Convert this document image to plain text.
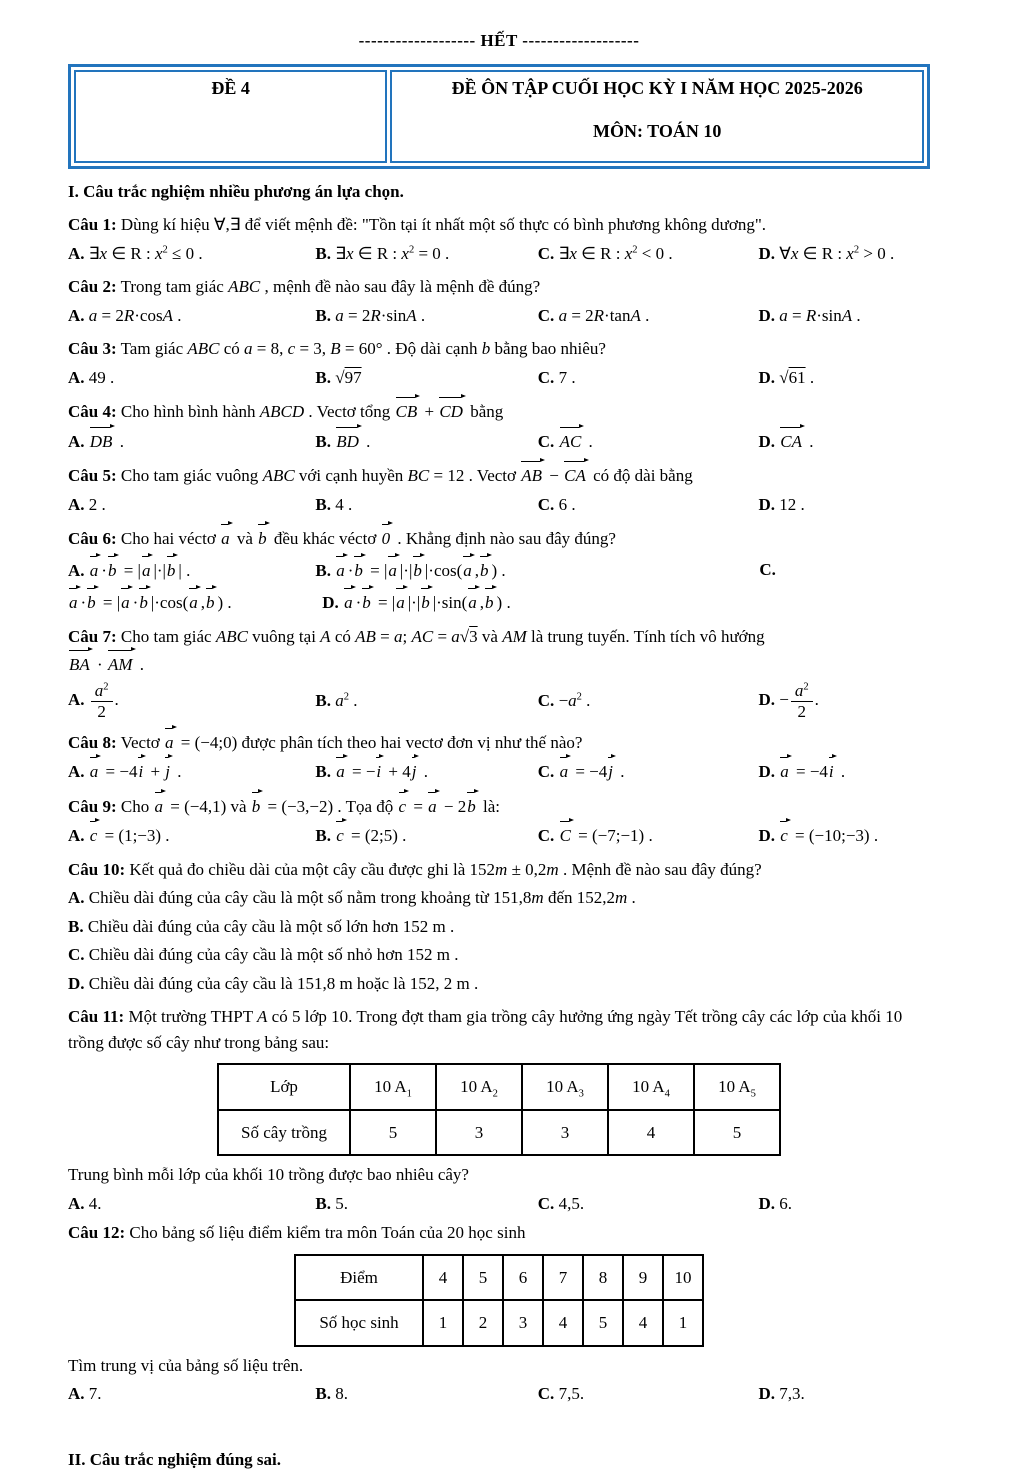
------------------- HẾT -------------------
ĐỀ 4	ĐỀ ÔN TẬP CUỐI HỌC KỲ I NĂM HỌC 2025-2026
MÔN: TOÁN 10
I. Câu trắc nghiệm nhiều phương án lựa chọn.

Câu 1: Dùng kí hiệu ∀,∃ để viết mệnh đề: "Tồn tại ít nhất một số thực có bình phương không dương".

A. ∃x ∈ R : $x^2 \le 0$ .	B. ∃x ∈ R : $x^2 = 0$ .	C. ∃x ∈ R : $x^2 < 0$ .	D. ∀x ∈ R : $x^2 > 0$ .

Câu 2: Trong tam giác ABC , mệnh đề nào sau đây là mệnh đề đúng?

A. a = 2R·cosA .	B. a = 2R·sinA .	C. a = 2R·tanA .	D. a = R·sinA .

Câu 3: Tam giác ABC có a = 8, c = 3, B = 60° . Độ dài cạnh b bằng bao nhiêu?

A. 49 .	B. √97	C. 7 .	D. √61 .

Câu 4: Cho hình bình hành ABCD . Vectơ tổng CB + CD bằng

A. DB .	B. BD .	C. AC .	D. CA .

Câu 5: Cho tam giác vuông ABC với cạnh huyền BC = 12 . Vectơ AB − CA có độ dài bằng

A. 2 .	B. 4 .	C. 6 .	D. 12 .

Câu 6: Cho hai véctơ a và b đều khác véctơ 0 . Khẳng định nào sau đây đúng?

A. a ·b = |a |·|b | .	B. a ·b = |a |·|b |·cos(a ,b ) .	C.
a ·b = |a ·b |·cos(a ,b ) .	D. a ·b = |a |·|b |·sin(a ,b ) .

Câu 7: Cho tam giác ABC vuông tại A có AB = a; AC = a√3 và AM là trung tuyến. Tính tích vô hướng

BA · AM .

A. $\frac{a^2}{2}$ .	B. $a^2$ .	C. $-a^2$ .	D. − $\frac{a^2}{2}$ .

Câu 8: Vectơ a = (−4;0) được phân tích theo hai vectơ đơn vị như thế nào?

A. a = −4i + j .	B. a = −i + 4j .	C. a = −4j .	D. a = −4i .

Câu 9: Cho a = (−4,1) và b = (−3,−2) . Tọa độ c = a − 2b là:

A. c = (1;−3) .	B. c = (2;5) .	C. C = (−7;−1) .	D. c = (−10;−3) .

Câu 10: Kết quả đo chiều dài của một cây cầu được ghi là 152m ± 0,2m . Mệnh đề nào sau đây đúng?

A. Chiều dài đúng của cây cầu là một số nằm trong khoảng từ 151,8m đến 152,2m .

B. Chiều dài đúng của cây cầu là một số lớn hơn 152 m .

C. Chiều dài đúng của cây cầu là một số nhỏ hơn 152 m .

D. Chiều dài đúng của cây cầu là 151,8 m hoặc là 152, 2 m .

Câu 11: Một trường THPT A có 5 lớp 10. Trong đợt tham gia trồng cây hưởng ứng ngày Tết trồng cây các lớp của khối 10 trồng được số cây như trong bảng sau:

Lớp	10 $A_1$	10 $A_2$	10 $A_3$	10 $A_4$	10 $A_5$
Số cây trồng	5	3	3	4	5

Trung bình mỗi lớp của khối 10 trồng được bao nhiêu cây?

A. 4.	B. 5.	C. 4,5.	D. 6.

Câu 12: Cho bảng số liệu điểm kiểm tra môn Toán của 20 học sinh

Điểm	4	5	6	7	8	9	10
Số học sinh	1	2	3	4	5	4	1

Tìm trung vị của bảng số liệu trên.

A. 7.	B. 8.	C. 7,5.	D. 7,3.
II. Câu trắc nghiệm đúng sai.
